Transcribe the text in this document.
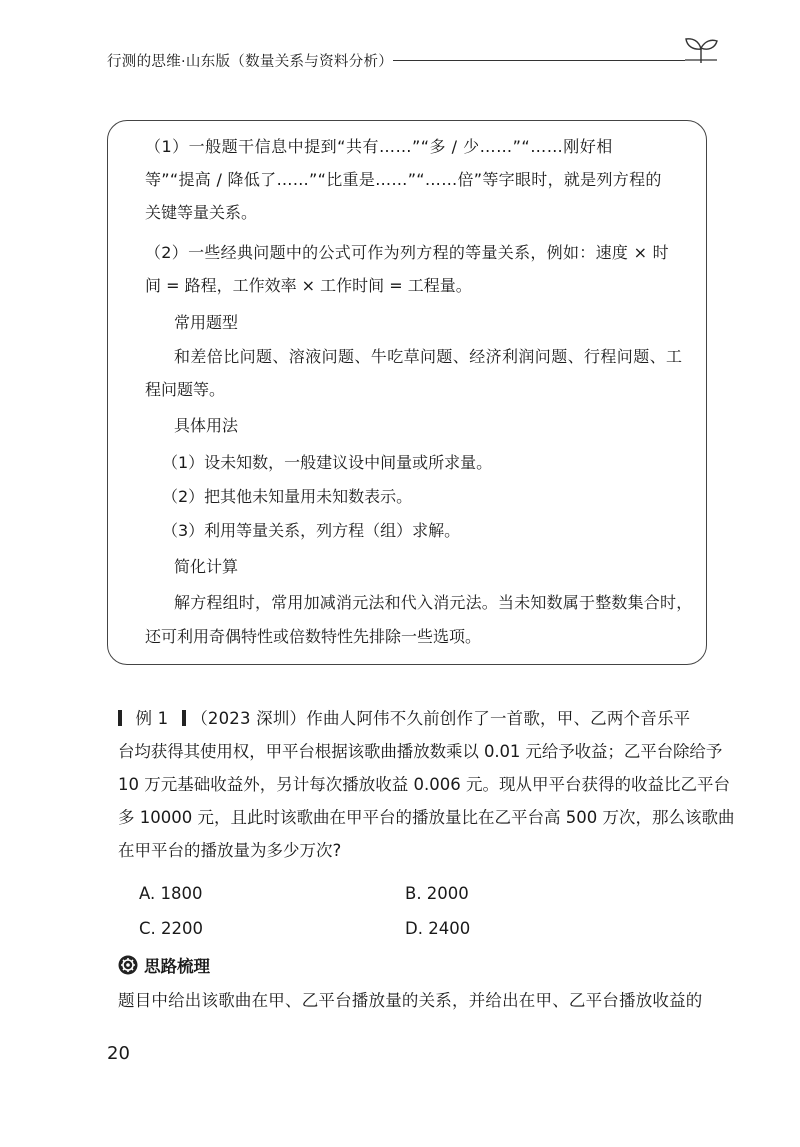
行测的思维·山东版（数量关系与资料分析）
（1）一般题干信息中提到“共有……”“多 / 少……”“……刚好相
等”“提高 / 降低了……”“比重是……”“……倍”等字眼时，就是列方程的
关键等量关系。
（2）一些经典问题中的公式可作为列方程的等量关系，例如：速度 × 时
间 = 路程，工作效率 × 工作时间 = 工程量。
常用题型
和差倍比问题、溶液问题、牛吃草问题、经济利润问题、行程问题、工
程问题等。
具体用法
（1）设未知数，一般建议设中间量或所求量。
（2）把其他未知量用未知数表示。
（3）利用等量关系，列方程（组）求解。
简化计算
解方程组时，常用加减消元法和代入消元法。当未知数属于整数集合时，
还可利用奇偶特性或倍数特性先排除一些选项。
例 1 （2023 深圳）作曲人阿伟不久前创作了一首歌，甲、乙两个音乐平
台均获得其使用权，甲平台根据该歌曲播放数乘以 0.01 元给予收益；乙平台除给予
10 万元基础收益外，另计每次播放收益 0.006 元。现从甲平台获得的收益比乙平台
多 10000 元，且此时该歌曲在甲平台的播放量比在乙平台高 500 万次，那么该歌曲
在甲平台的播放量为多少万次?
A. 1800	B. 2000
C. 2200	D. 2400
思路梳理
题目中给出该歌曲在甲、乙平台播放量的关系，并给出在甲、乙平台播放收益的
20
